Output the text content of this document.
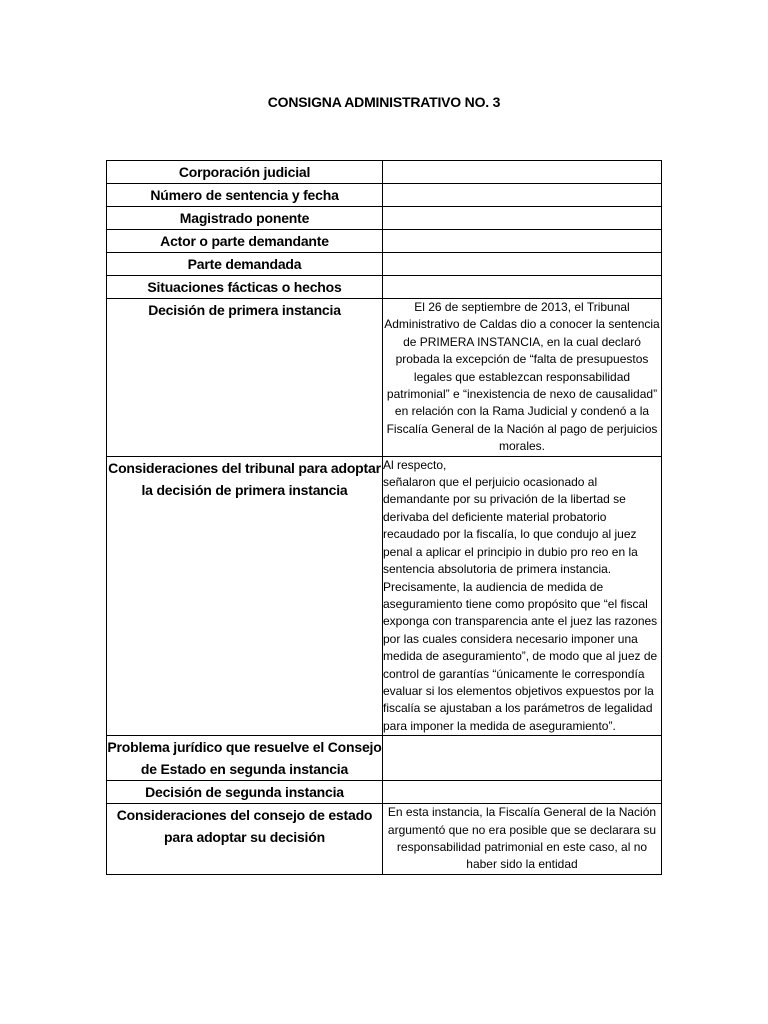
CONSIGNA ADMINISTRATIVO NO. 3
Corporación judicial	
Número de sentencia y fecha	
Magistrado ponente	
Actor o parte demandante	
Parte demandada	
Situaciones fácticas o hechos	
Decisión de primera instancia	El 26 de septiembre de 2013, el Tribunal Administrativo de Caldas dio a conocer la sentencia de PRIMERA INSTANCIA, en la cual declaró probada la excepción de “falta de presupuestos legales que establezcan responsabilidad patrimonial” e “inexistencia de nexo de causalidad” en relación con la Rama Judicial y condenó a la Fiscalía General de la Nación al pago de perjuicios morales.
Consideraciones del tribunal para adoptar la decisión de primera instancia	Al respecto,
señalaron que el perjuicio ocasionado al demandante por su privación de la libertad se derivaba del deficiente material probatorio recaudado por la fiscalía, lo que condujo al juez penal a aplicar el principio in dubio pro reo en la sentencia absolutoria de primera instancia. Precisamente, la audiencia de medida de aseguramiento tiene como propósito que “el fiscal exponga con transparencia ante el juez las razones por las cuales considera necesario imponer una medida de aseguramiento”, de modo que al juez de control de garantías “únicamente le correspondía evaluar si los elementos objetivos expuestos por la fiscalía se ajustaban a los parámetros de legalidad para imponer la medida de aseguramiento”.

Problema jurídico que resuelve el Consejo de Estado en segunda instancia	
Decisión de segunda instancia	
Consideraciones del consejo de estado para adoptar su decisión	En esta instancia, la Fiscalía General de la Nación argumentó que no era posible que se declarara su responsabilidad patrimonial en este caso, al no haber sido la entidad
